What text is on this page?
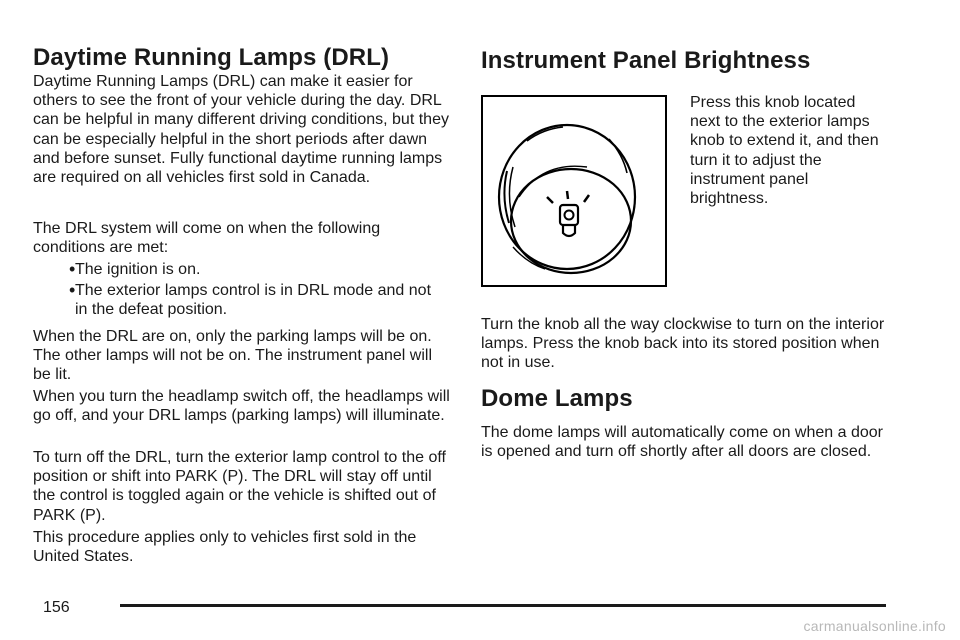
Daytime Running Lamps (DRL)

Daytime Running Lamps (DRL) can make it easier for others to see the front of your vehicle during the day. DRL can be helpful in many different driving conditions, but they can be especially helpful in the short periods after dawn and before sunset. Fully functional daytime running lamps are required on all vehicles first sold in Canada.

The DRL system will come on when the following conditions are met:

• The ignition is on.
• The exterior lamps control is in DRL mode and not in the defeat position.

When the DRL are on, only the parking lamps will be on. The other lamps will not be on. The instrument panel will be lit.

When you turn the headlamp switch off, the headlamps will go off, and your DRL lamps (parking lamps) will illuminate.

To turn off the DRL, turn the exterior lamp control to the off position or shift into PARK (P). The DRL will stay off until the control is toggled again or the vehicle is shifted out of PARK (P).

This procedure applies only to vehicles first sold in the United States.

Instrument Panel Brightness

Press this knob located next to the exterior lamps knob to extend it, and then turn it to adjust the instrument panel brightness.

Turn the knob all the way clockwise to turn on the interior lamps. Press the knob back into its stored position when not in use.

Dome Lamps

The dome lamps will automatically come on when a door is opened and turn off shortly after all doors are closed.

156
carmanualsonline.info
